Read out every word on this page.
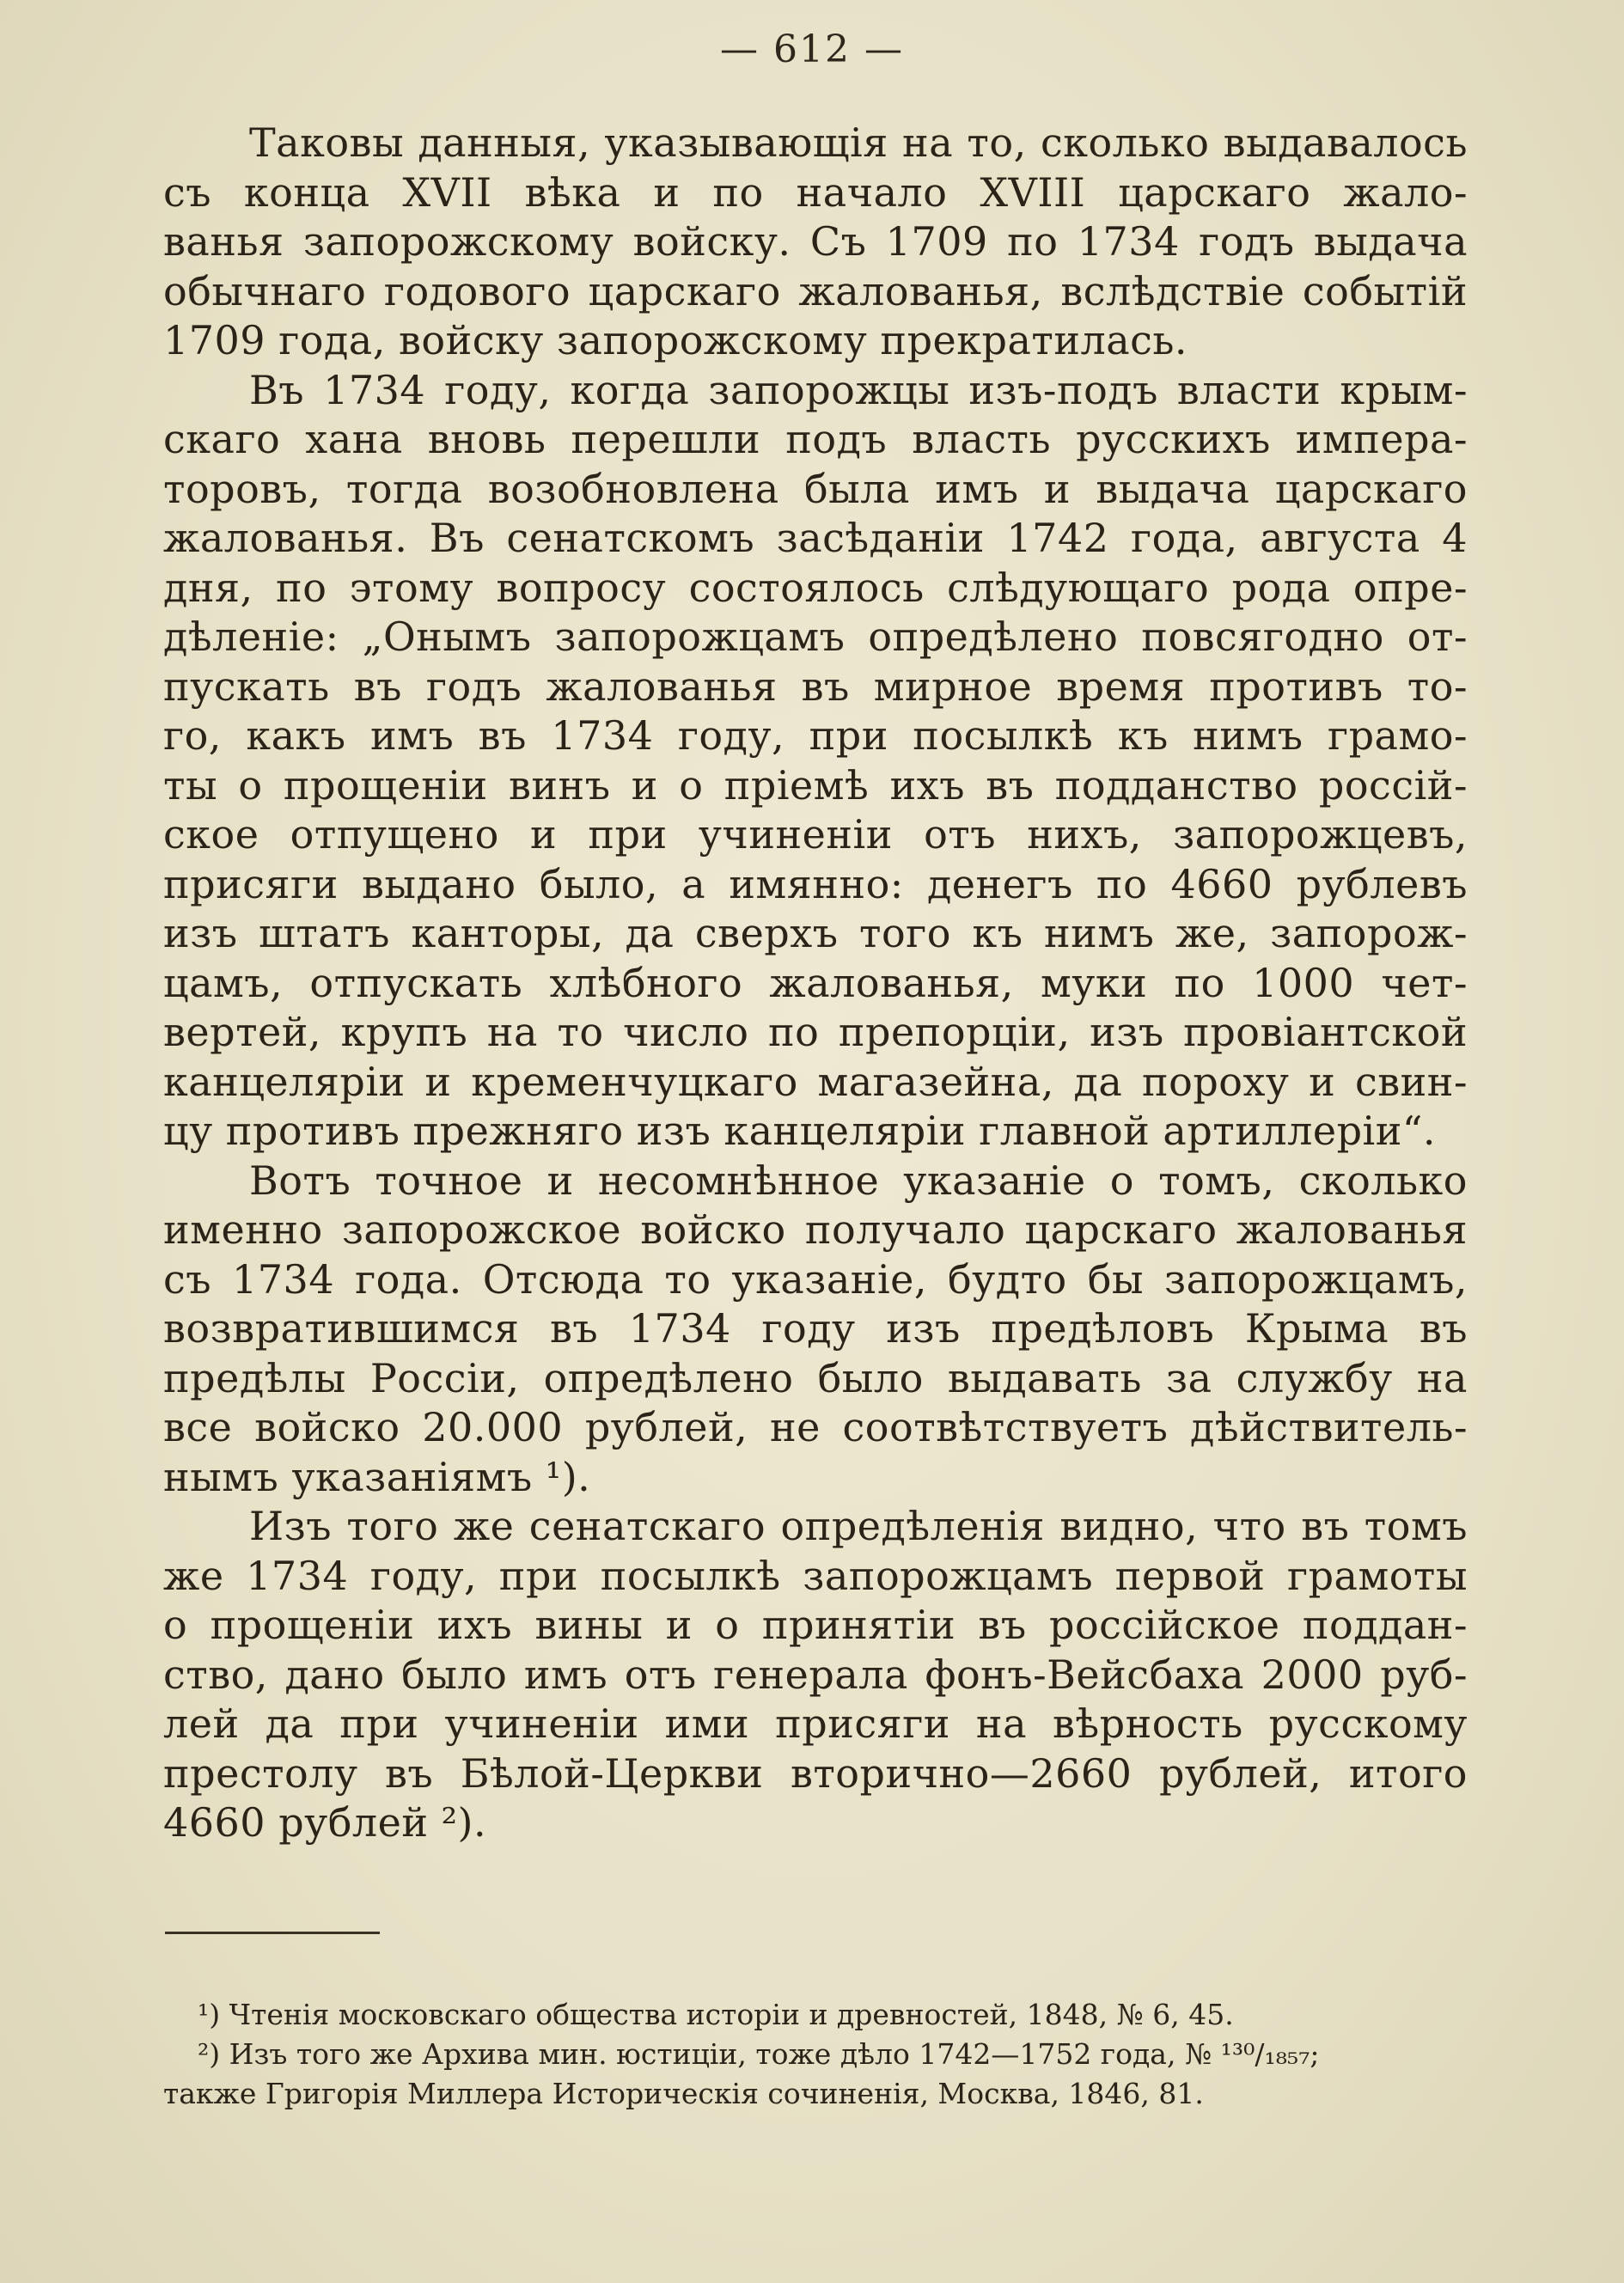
— 612 —
Таковы данныя, указывающія на то, сколько выдавалось
съ конца XVII вѣка и по начало XVIII царскаго жало-
ванья запорожскому войску. Съ 1709 по 1734 годъ выдача
обычнаго годового царскаго жалованья, вслѣдствіе событій
1709 года, войску запорожскому прекратилась.
Въ 1734 году, когда запорожцы изъ-подъ власти крым-
скаго хана вновь перешли подъ власть русскихъ импера-
торовъ, тогда возобновлена была имъ и выдача царскаго
жалованья. Въ сенатскомъ засѣданіи 1742 года, августа 4
дня, по этому вопросу состоялось слѣдующаго рода опре-
дѣленіе: „Онымъ запорожцамъ опредѣлено повсягодно от-
пускать въ годъ жалованья въ мирное время противъ то-
го, какъ имъ въ 1734 году, при посылкѣ къ нимъ грамо-
ты о прощеніи винъ и о пріемѣ ихъ въ подданство россій-
ское отпущено и при учиненіи отъ нихъ, запорожцевъ,
присяги выдано было, а имянно: денегъ по 4660 рублевъ
изъ штатъ канторы, да сверхъ того къ нимъ же, запорож-
цамъ, отпускать хлѣбного жалованья, муки по 1000 чет-
вертей, крупъ на то число по препорціи, изъ провіантской
канцеляріи и кременчуцкаго магазейна, да пороху и свин-
цу противъ прежняго изъ канцеляріи главной артиллеріи“.
Вотъ точное и несомнѣнное указаніе о томъ, сколько
именно запорожское войско получало царскаго жалованья
съ 1734 года. Отсюда то указаніе, будто бы запорожцамъ,
возвратившимся въ 1734 году изъ предѣловъ Крыма въ
предѣлы Россіи, опредѣлено было выдавать за службу на
все войско 20.000 рублей, не соотвѣтствуетъ дѣйствитель-
нымъ указаніямъ ¹).
Изъ того же сенатскаго опредѣленія видно, что въ томъ
же 1734 году, при посылкѣ запорожцамъ первой грамоты
о прощеніи ихъ вины и о принятіи въ россійское поддан-
ство, дано было имъ отъ генерала фонъ-Вейсбаха 2000 руб-
лей да при учиненіи ими присяги на вѣрность русскому
престолу въ Бѣлой-Церкви вторично—2660 рублей, итого
4660 рублей ²).
¹) Чтенія московскаго общества исторіи и древностей, 1848, № 6, 45.
²) Изъ того же Архива мин. юстиціи, тоже дѣло 1742—1752 года, № ¹³⁰/₁₈₅₇;
также Григорія Миллера Историческія сочиненія, Москва, 1846, 81.
